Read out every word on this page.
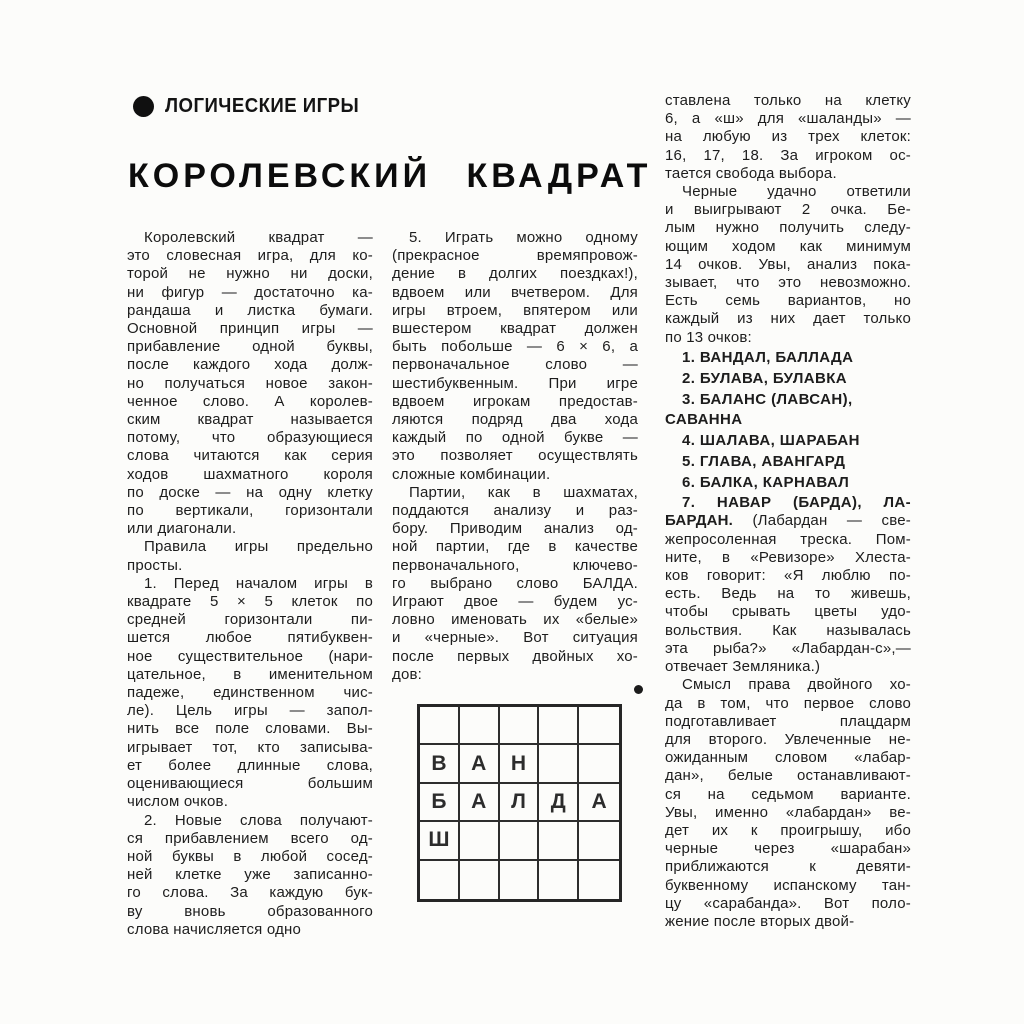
ЛОГИЧЕСКИЕ ИГРЫ
КОРОЛЕВСКИЙ КВАДРАТ
Королевский квадрат —
это словесная игра, для ко-
торой не нужно ни доски,
ни фигур — достаточно ка-
рандаша и листка бумаги.
Основной принцип игры —
прибавление одной буквы,
после каждого хода долж-
но получаться новое закон-
ченное слово. А королев-
ским квадрат называется
потому, что образующиеся
слова читаются как серия
ходов шахматного короля
по доске — на одну клетку
по вертикали, горизонтали
или диагонали.
Правила игры предельно
просты.
1. Перед началом игры в
квадрате 5 × 5 клеток по
средней горизонтали пи-
шется любое пятибуквен-
ное существительное (нари-
цательное, в именительном
падеже, единственном чис-
ле). Цель игры — запол-
нить все поле словами. Вы-
игрывает тот, кто записыва-
ет более длинные слова,
оценивающиеся большим
числом очков.
2. Новые слова получают-
ся прибавлением всего од-
ной буквы в любой сосед-
ней клетке уже записанно-
го слова. За каждую бук-
ву вновь образованного
слова начисляется одно
5. Играть можно одному
(прекрасное времяпровож-
дение в долгих поездках!),
вдвоем или вчетвером. Для
игры втроем, впятером или
вшестером квадрат должен
быть побольше — 6 × 6, а
первоначальное слово —
шестибуквенным. При игре
вдвоем игрокам предостав-
ляются подряд два хода
каждый по одной букве —
это позволяет осуществлять
сложные комбинации.
Партии, как в шахматах,
поддаются анализу и раз-
бору. Приводим анализ од-
ной партии, где в качестве
первоначального, ключево-
го выбрано слово БАЛДА.
Играют двое — будем ус-
ловно именовать их «белые»
и «черные». Вот ситуация
после первых двойных хо-
дов:
ставлена только на клетку
6, а «ш» для «шаланды» —
на любую из трех клеток:
16, 17, 18. За игроком ос-
тается свобода выбора.
Черные удачно ответили
и выигрывают 2 очка. Бе-
лым нужно получить следу-
ющим ходом как минимум
14 очков. Увы, анализ пока-
зывает, что это невозможно.
Есть семь вариантов, но
каждый из них дает только
по 13 очков:
1. ВАНДАЛ, БАЛЛАДА
2. БУЛАВА, БУЛАВКА
3. БАЛАНС (ЛАВСАН),
САВАННА
4. ШАЛАВА, ШАРАБАН
5. ГЛАВА, АВАНГАРД
6. БАЛКА, КАРНАВАЛ
7. НАВАР (БАРДА), ЛА-
БАРДАН. (Лабардан — све-
жепросоленная треска. Пом-
ните, в «Ревизоре» Хлеста-
ков говорит: «Я люблю по-
есть. Ведь на то живешь,
чтобы срывать цветы удо-
вольствия. Как называлась
эта рыба?» «Лабардан-с»,—
отвечает Земляника.)
Смысл права двойного хо-
да в том, что первое слово
подготавливает плацдарм
для второго. Увлеченные не-
ожиданным словом «лабар-
дан», белые останавливают-
ся на седьмом варианте.
Увы, именно «лабардан» ве-
дет их к проигрышу, ибо
черные через «шарабан»
приближаются к девяти-
буквенному испанскому тан-
цу «сарабанда». Вот поло-
жение после вторых двой-
В	А	Н
Б	А	Л	Д	А
Ш
